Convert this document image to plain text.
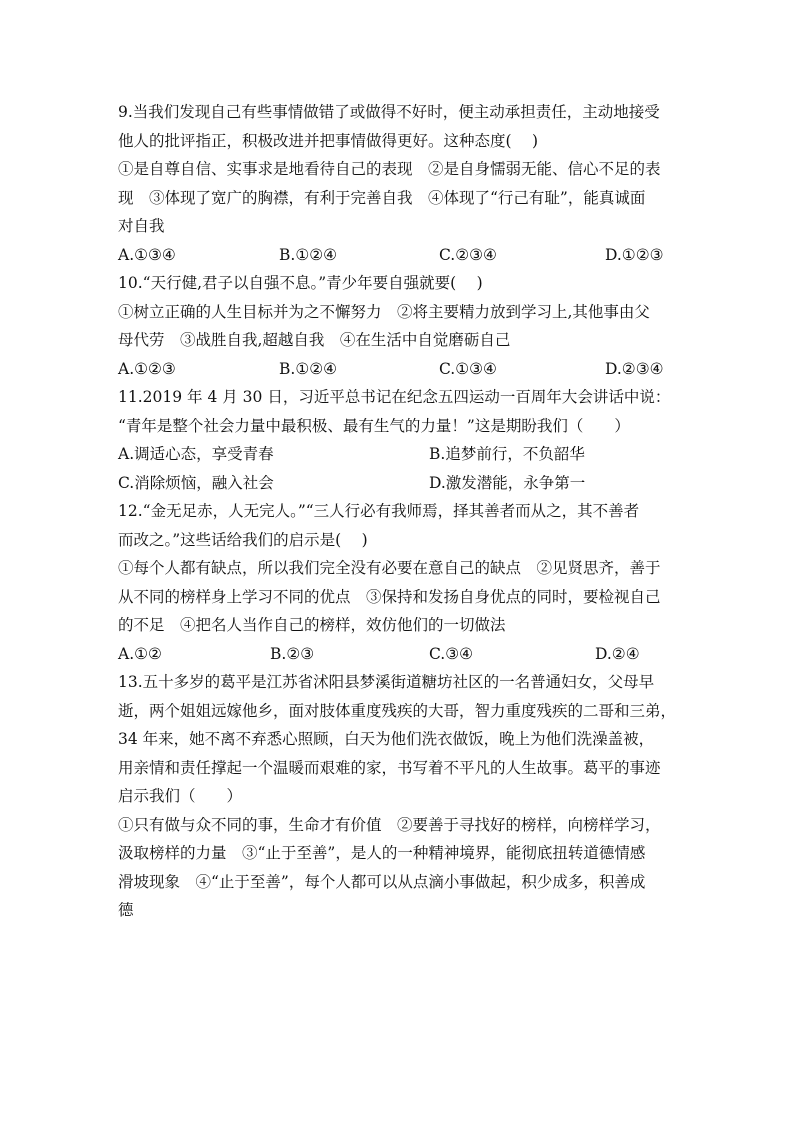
9.当我们发现自己有些事情做错了或做得不好时，便主动承担责任，主动地接受
他人的批评指正，积极改进并把事情做得更好。这种态度(　 )
①是自尊自信、实事求是地看待自己的表现　②是自身懦弱无能、信心不足的表
现　③体现了宽广的胸襟，有利于完善自我　④体现了“行己有耻”，能真诚面
对自我
A.①③④	B.①②④	C.②③④	D.①②③
10.“天行健,君子以自强不息。”青少年要自强就要(　 )
①树立正确的人生目标并为之不懈努力　②将主要精力放到学习上,其他事由父
母代劳　③战胜自我,超越自我　④在生活中自觉磨砺自己
A.①②③	B.①②④	C.①③④	D.②③④
11.2019 年 4 月 30 日，习近平总书记在纪念五四运动一百周年大会讲话中说：
“青年是整个社会力量中最积极、最有生气的力量！”这是期盼我们（　　）
A.调适心态，享受青春	B.追梦前行，不负韶华
C.消除烦恼，融入社会	D.激发潜能，永争第一
12.“金无足赤，人无完人。”“三人行必有我师焉，择其善者而从之，其不善者
而改之。”这些话给我们的启示是(　 )
①每个人都有缺点，所以我们完全没有必要在意自己的缺点　②见贤思齐，善于
从不同的榜样身上学习不同的优点　③保持和发扬自身优点的同时，要检视自己
的不足　④把名人当作自己的榜样，效仿他们的一切做法
A.①②	B.②③	C.③④	D.②④
13.五十多岁的葛平是江苏省沭阳县梦溪街道糖坊社区的一名普通妇女，父母早
逝，两个姐姐远嫁他乡，面对肢体重度残疾的大哥，智力重度残疾的二哥和三弟，
34 年来，她不离不弃悉心照顾，白天为他们洗衣做饭，晚上为他们洗澡盖被，
用亲情和责任撑起一个温暖而艰难的家，书写着不平凡的人生故事。葛平的事迹
启示我们（　　）
①只有做与众不同的事，生命才有价值　②要善于寻找好的榜样，向榜样学习，
汲取榜样的力量　③“止于至善”，是人的一种精神境界，能彻底扭转道德情感
滑坡现象　④“止于至善”，每个人都可以从点滴小事做起，积少成多，积善成
德
